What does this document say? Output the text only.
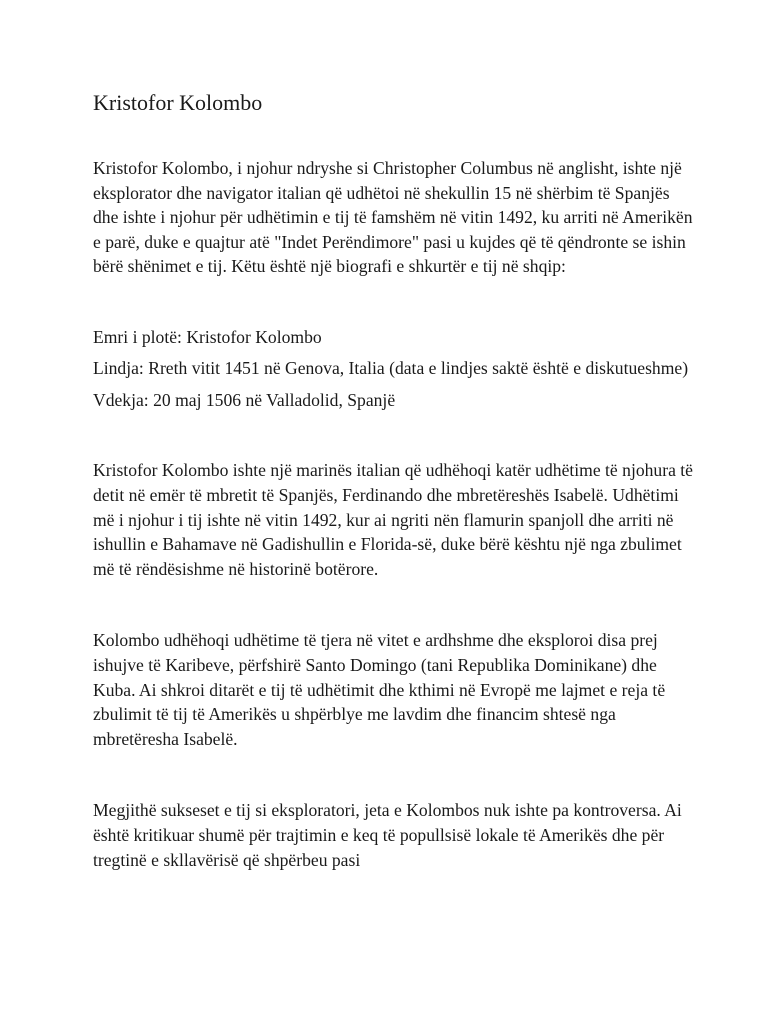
Kristofor Kolombo

Kristofor Kolombo, i njohur ndryshe si Christopher Columbus në anglisht, ishte një eksplorator dhe navigator italian që udhëtoi në shekullin 15 në shërbim të Spanjës dhe ishte i njohur për udhëtimin e tij të famshëm në vitin 1492, ku arriti në Amerikën e parë, duke e quajtur atë "Indet Perëndimore" pasi u kujdes që të qëndronte se ishin bërë shënimet e tij. Këtu është një biografi e shkurtër e tij në shqip:

Emri i plotë: Kristofor Kolombo

Lindja: Rreth vitit 1451 në Genova, Italia (data e lindjes saktë është e diskutueshme)

Vdekja: 20 maj 1506 në Valladolid, Spanjë

Kristofor Kolombo ishte një marinës italian që udhëhoqi katër udhëtime të njohura të detit në emër të mbretit të Spanjës, Ferdinando dhe mbretëreshës Isabelë. Udhëtimi më i njohur i tij ishte në vitin 1492, kur ai ngriti nën flamurin spanjoll dhe arriti në ishullin e Bahamave në Gadishullin e Florida-së, duke bërë kështu një nga zbulimet më të rëndësishme në historinë botërore.

Kolombo udhëhoqi udhëtime të tjera në vitet e ardhshme dhe eksploroi disa prej ishujve të Karibeve, përfshirë Santo Domingo (tani Republika Dominikane) dhe Kuba. Ai shkroi ditarët e tij të udhëtimit dhe kthimi në Evropë me lajmet e reja të zbulimit të tij të Amerikës u shpërblye me lavdim dhe financim shtesë nga mbretëresha Isabelë.

Megjithë sukseset e tij si eksploratori, jeta e Kolombos nuk ishte pa kontroversa. Ai është kritikuar shumë për trajtimin e keq të popullsisë lokale të Amerikës dhe për tregtinë e skllavërisë që shpërbeu pasi
